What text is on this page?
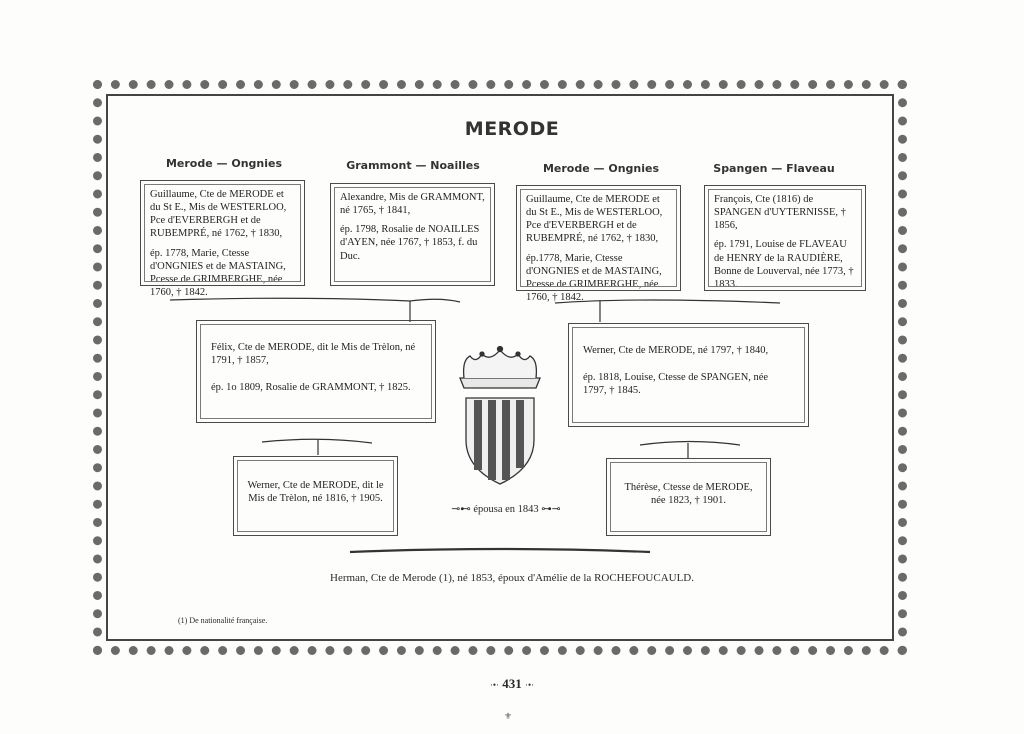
MERODE
Merode — Ongnies	Grammont — Noailles	Merode — Ongnies	Spangen — Flaveau

Guillaume, Cte de MERODE et du St E., Mis de WESTERLOO, Pce d'EVERBERGH et de RUBEMPRÉ, né 1762, † 1830,

ép. 1778, Marie, Ctesse d'ONGNIES et de MASTAING, Pcesse de GRIMBERGHE, née 1760, † 1842.

Alexandre, Mis de GRAMMONT, né 1765, † 1841,

ép. 1798, Rosalie de NOAILLES d'AYEN, née 1767, † 1853, f. du Duc.

Guillaume, Cte de MERODE et du St E., Mis de WESTERLOO, Pce d'EVERBERGH et de RUBEMPRÉ, né 1762, † 1830,

ép.1778, Marie, Ctesse d'ONGNIES et de MASTAING, Pcesse de GRIMBERGHE, née 1760, † 1842.

François, Cte (1816) de SPANGEN d'UYTERNISSE, † 1856,

ép. 1791, Louise de FLAVEAU de HENRY de la RAUDIÈRE, Bonne de Louverval, née 1773, † 1833.

Félix, Cte de MERODE, dit le Mis de Trèlon, né 1791, † 1857,

ép. 1o 1809, Rosalie de GRAMMONT, † 1825.

Werner, Cte de MERODE, né 1797, † 1840,

ép. 1818, Louise, Ctesse de SPANGEN, née 1797, † 1845.

Werner, Cte de MERODE, dit le Mis de Trèlon, né 1816, † 1905.

Thérèse, Ctesse de MERODE, née 1823, † 1901.

⊸⊷ épousa en 1843 ⊶⊸
Herman, Cte de Merode (1), né 1853, époux d'Amélie de la ROCHEFOUCAULD.
(1) De nationalité française.
·•· 431 ·•·
⚜
